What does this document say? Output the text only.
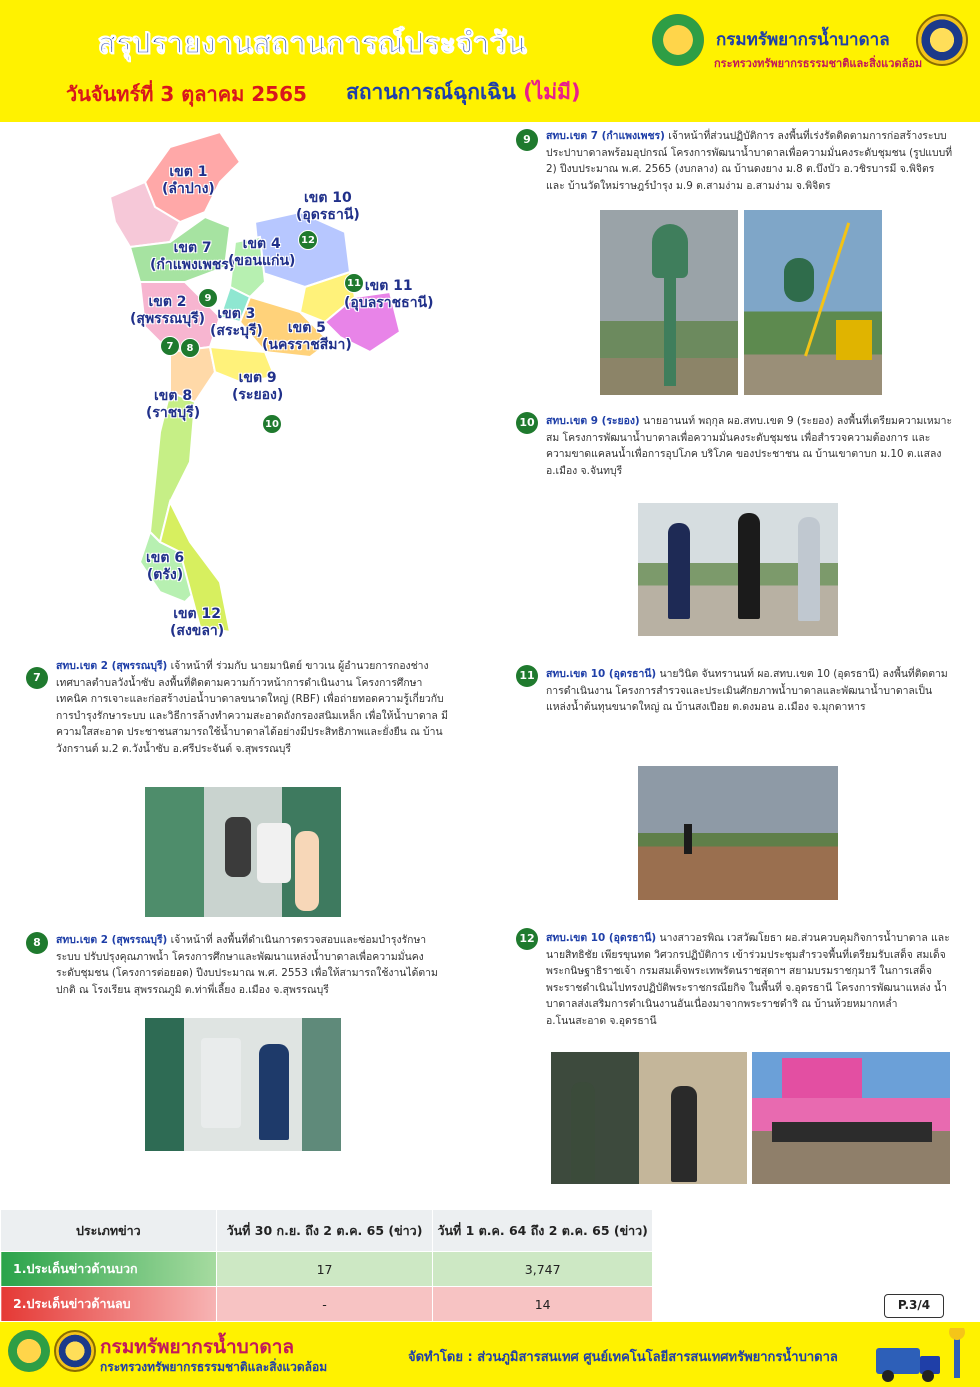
สรุปรายงานสถานการณ์ประจำวัน
วันจันทร์ที่ 3 ตุลาคม 2565 สถานการณ์ฉุกเฉิน (ไม่มี)
กรมทรัพยากรน้ำบาดาล
กระทรวงทรัพยากรธรรมชาติและสิ่งแวดล้อม
เขต 1
(ลำปาง)
เขต 10
(อุดรธานี)
เขต 7
(กำแพงเพชร)
เขต 4
(ขอนแก่น)
เขต 11
(อุบลราชธานี)
เขต 2
(สุพรรณบุรี) เขต 3
(สระบุรี)	เขต 5
(นครราชสีมา)
เขต 9
(ระยอง)
เขต 8
(ราชบุรี)
เขต 6
(ตรัง)
เขต 12
(สงขลา)
12
11
9
7	8
10
9	สทบ.เขต 7 (กำแพงเพชร) เจ้าหน้าที่ส่วนปฏิบัติการ ลงพื้นที่เร่งรัดติดตามการก่อสร้างระบบประปาบาดาลพร้อมอุปกรณ์ โครงการพัฒนาน้ำบาดาลเพื่อความมั่นคงระดับชุมชน (รูปแบบที่ 2) ปีงบประมาณ พ.ศ. 2565 (งบกลาง) ณ บ้านดงยาง ม.8 ต.บึงบัว อ.วชิรบารมี จ.พิจิตร และ บ้านวัดใหม่ราษฎร์บำรุง ม.9 ต.สามง่าม อ.สามง่าม จ.พิจิตร
10	สทบ.เขต 9 (ระยอง) นายอานนท์ พฤกุล ผอ.สทบ.เขต 9 (ระยอง) ลงพื้นที่เตรียมความเหมาะสม โครงการพัฒนาน้ำบาดาลเพื่อความมั่นคงระดับชุมชน เพื่อสำรวจความต้องการ และความขาดแคลนน้ำเพื่อการอุปโภค บริโภค ของประชาชน ณ บ้านเขาตาบก ม.10 ต.แสลง อ.เมือง จ.จันทบุรี
7
สทบ.เขต 2 (สุพรรณบุรี) เจ้าหน้าที่ ร่วมกับ นายมานิตย์ ขาวเน ผู้อำนวยการกองช่าง เทศบาลตำบลวังน้ำซับ ลงพื้นที่ติดตามความก้าวหน้าการดำเนินงาน โครงการศึกษาเทคนิค การเจาะและก่อสร้างบ่อน้ำบาดาลขนาดใหญ่ (RBF) เพื่อถ่ายทอดความรู้เกี่ยวกับ การบำรุงรักษาระบบ และวิธีการล้างทำความสะอาดถังกรองสนิมเหล็ก เพื่อให้น้ำบาดาล มีความใสสะอาด ประชาชนสามารถใช้น้ำบาดาลได้อย่างมีประสิทธิภาพและยั่งยืน ณ บ้านวังกรานต์ ม.2 ต.วังน้ำซับ อ.ศรีประจันต์ จ.สุพรรณบุรี
11	สทบ.เขต 10 (อุดรธานี) นายวินิต จันทรานนท์ ผอ.สทบ.เขต 10 (อุดรธานี) ลงพื้นที่ติดตาม การดำเนินงาน โครงการสำรวจและประเมินศักยภาพน้ำบาดาลและพัฒนาน้ำบาดาลเป็นแหล่งน้ำต้นทุนขนาดใหญ่ ณ บ้านสงเปือย ต.ดงมอน อ.เมือง จ.มุกดาหาร
8	สทบ.เขต 2 (สุพรรณบุรี) เจ้าหน้าที่ ลงพื้นที่ดำเนินการตรวจสอบและซ่อมบำรุงรักษาระบบ ปรับปรุงคุณภาพน้ำ โครงการศึกษาและพัฒนาแหล่งน้ำบาดาลเพื่อความมั่นคงระดับชุมชน (โครงการต่อยอด) ปีงบประมาณ พ.ศ. 2553 เพื่อให้สามารถใช้งานได้ตามปกติ ณ โรงเรียน สุพรรณภูมิ ต.ท่าพี่เลี้ยง อ.เมือง จ.สุพรรณบุรี
12	สทบ.เขต 10 (อุดรธานี) นางสาวอรพิณ เวสวัฒโยธา ผอ.ส่วนควบคุมกิจการน้ำบาดาล และ นายสิทธิชัย เพียรขุนทด วิศวกรปฏิบัติการ เข้าร่วมประชุมสำรวจพื้นที่เตรียมรับเสด็จ สมเด็จพระกนิษฐาธิราชเจ้า กรมสมเด็จพระเทพรัตนราชสุดาฯ สยามบรมราชกุมารี ในการเสด็จ พระราชดำเนินไปทรงปฏิบัติพระราชกรณียกิจ ในพื้นที่ จ.อุดรธานี โครงการพัฒนาแหล่ง น้ำบาดาลส่งเสริมการดำเนินงานอันเนื่องมาจากพระราชดำริ ณ บ้านห้วยหมากหล่ำ อ.โนนสะอาด จ.อุดรธานี
ประเภทข่าว	วันที่ 30 ก.ย. ถึง 2 ต.ค. 65 (ข่าว)	วันที่ 1 ต.ค. 64 ถึง 2 ต.ค. 65 (ข่าว)
1.ประเด็นข่าวด้านบวก	17	3,747
2.ประเด็นข่าวด้านลบ	-	14	P.3/4
กรมทรัพยากรน้ำบาดาล
กระทรวงทรัพยากรธรรมชาติและสิ่งแวดล้อม
จัดทำโดย : ส่วนภูมิสารสนเทศ ศูนย์เทคโนโลยีสารสนเทศทรัพยากรน้ำบาดาล
